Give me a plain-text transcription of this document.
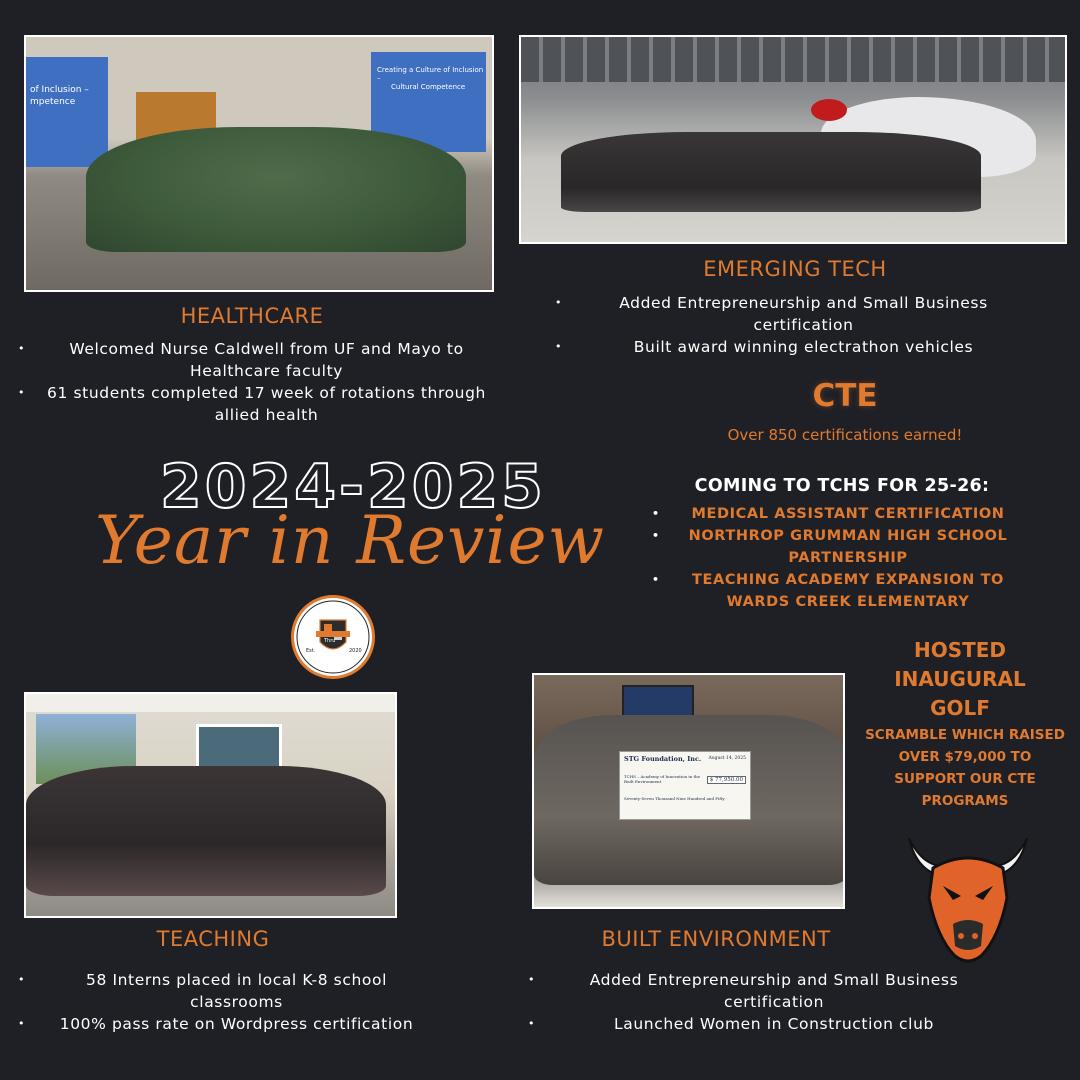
of Inclusion –
mpetence
Creating a Culture of Inclusion –
Cultural Competence
HEALTHCARE
• Welcomed Nurse Caldwell from UF and Mayo to Healthcare faculty
• 61 students completed 17 week of rotations through allied health
EMERGING TECH
• Added Entrepreneurship and Small Business certification
• Built award winning electrathon vehicles
CTE
Over 850 certifications earned!
COMING TO TCHS FOR 25-26:
• MEDICAL ASSISTANT CERTIFICATION
• NORTHROP GRUMMAN HIGH SCHOOL PARTNERSHIP
• TEACHING ACADEMY EXPANSION TO WARDS CREEK ELEMENTARY
2024-2025
Year in Review
Thru
Est.	2020	HOSTED
INAUGURAL
GOLF
SCRAMBLE WHICH RAISED
OVER $79,000 TO
SUPPORT OUR CTE
PROGRAMS
STG Foundation, Inc. August 14, 2025
TCHS – Academy of Innovation in the Built Environment	$ 77,950.00
Seventy-Seven Thousand Nine Hundred and Fifty
TEACHING
• 58 Interns placed in local K-8 school classrooms
• 100% pass rate on Wordpress certification
BUILT ENVIRONMENT
• Added Entrepreneurship and Small Business certification
• Launched Women in Construction club
